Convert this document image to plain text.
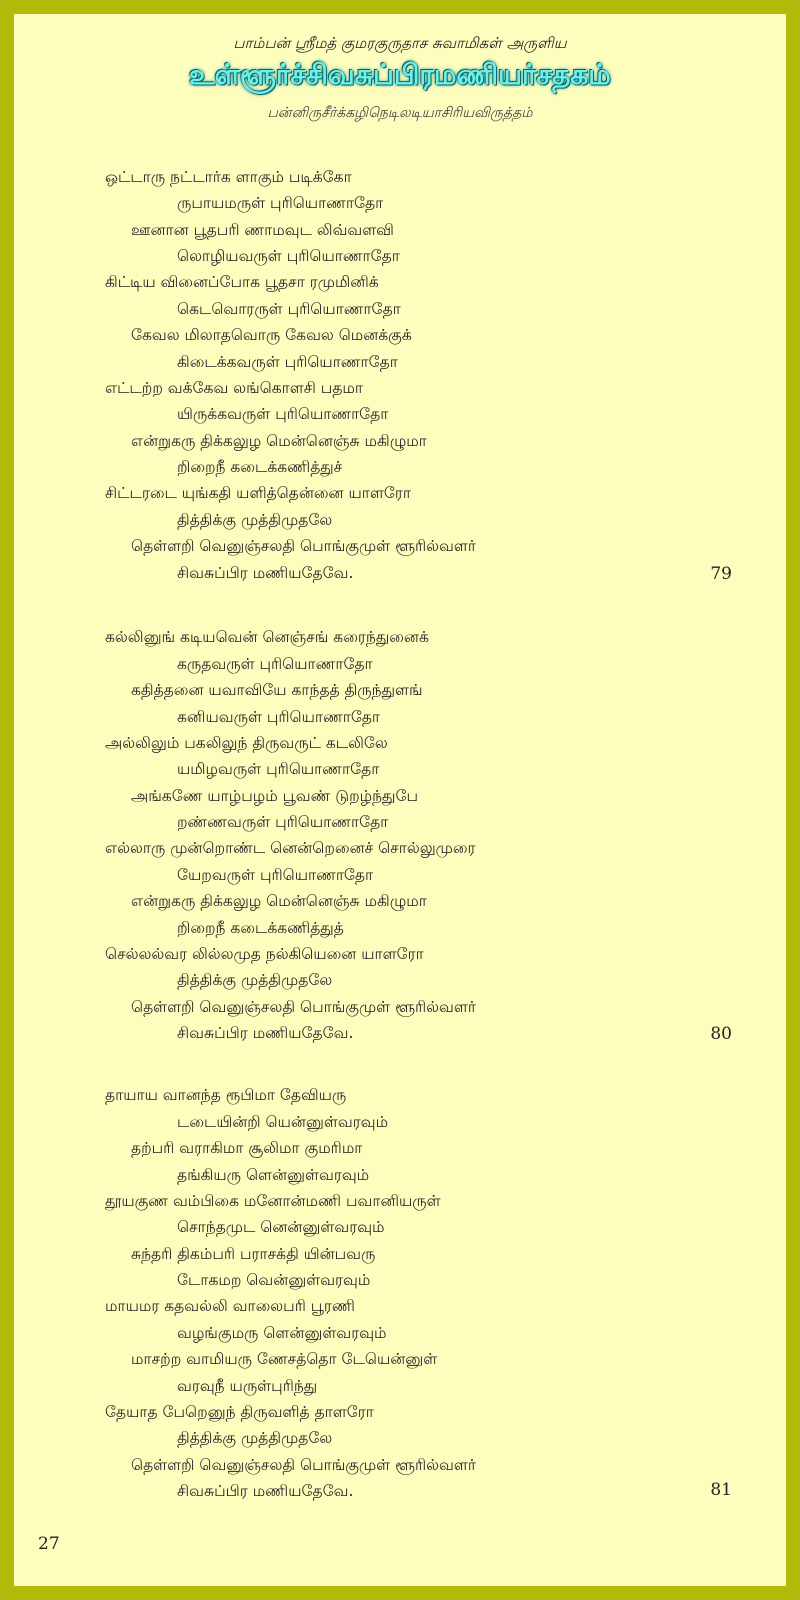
பாம்பன் ஸ்ரீமத் குமரகுருதாச சுவாமிகள் அருளிய
உள்ளூர்ச்சிவசுப்பிரமணியர்சதகம்
பன்னிருசீர்க்கழிநெடிலடியாசிரியவிருத்தம்
ஒட்டாரு நட்டார்க ளாகும் படிக்கோ
ருபாயமருள் புரியொணாதோ
ஊனான பூதபரி ணாமவுட லிவ்வளவி
லொழியவருள் புரியொணாதோ
கிட்டிய வினைப்போக பூதசா ரமுமினிக்
கெடவொரருள் புரியொணாதோ
கேவல மிலாதவொரு கேவல மெனக்குக்
கிடைக்கவருள் புரியொணாதோ
எட்டற்ற வக்கேவ லங்கொளசி பதமா
யிருக்கவருள் புரியொணாதோ
என்றுகரு திக்கலுழ மென்னெஞ்சு மகிழுமா
றிறைநீ கடைக்கணித்துச்
சிட்டரடை யுங்கதி யளித்தென்னை யாளரோ
தித்திக்கு முத்திமுதலே
தெள்ளறி வெனுஞ்சலதி பொங்குமுள் ளூரில்வளர்
சிவசுப்பிர மணியதேவே.	79
கல்லினுங் கடியவென் னெஞ்சங் கரைந்துனைக்
கருதவருள் புரியொணாதோ
கதித்தனை யவாவியே காந்தத் திருந்துளங்
கனியவருள் புரியொணாதோ
அல்லிலும் பகலிலுந் திருவருட் கடலிலே
யமிழவருள் புரியொணாதோ
அங்கணே யாழ்பழம் பூவண் டுறழ்ந்துபே
றண்ணவருள் புரியொணாதோ
எல்லாரு முன்றொண்ட னென்றெனைச் சொல்லுமுரை
யேறவருள் புரியொணாதோ
என்றுகரு திக்கலுழ மென்னெஞ்சு மகிழுமா
றிறைநீ கடைக்கணித்துத்
செல்லல்வர லில்லமுத நல்கியெனை யாளரோ
தித்திக்கு முத்திமுதலே
தெள்ளறி வெனுஞ்சலதி பொங்குமுள் ளூரில்வளர்
சிவசுப்பிர மணியதேவே.	80
தாயாய வானந்த ரூபிமா தேவியரு
டடையின்றி யென்னுள்வரவும்
தற்பரி வராகிமா சூலிமா குமரிமா
தங்கியரு ளென்னுள்வரவும்
தூயகுண வம்பிகை மனோன்மணி பவானியருள்
சொந்தமுட னென்னுள்வரவும்
சுந்தரி திகம்பரி பராசக்தி யின்பவரு
டோகமற வென்னுள்வரவும்
மாயமர கதவல்லி வாலைபரி பூரணி
வழங்குமரு ளென்னுள்வரவும்
மாசற்ற வாமியரு ணேசத்தொ டேயென்னுள்
வரவுநீ யருள்புரிந்து
தேயாத பேறெனுந் திருவளித் தாளரோ
தித்திக்கு முத்திமுதலே
தெள்ளறி வெனுஞ்சலதி பொங்குமுள் ளூரில்வளர்
சிவசுப்பிர மணியதேவே.	81
27
